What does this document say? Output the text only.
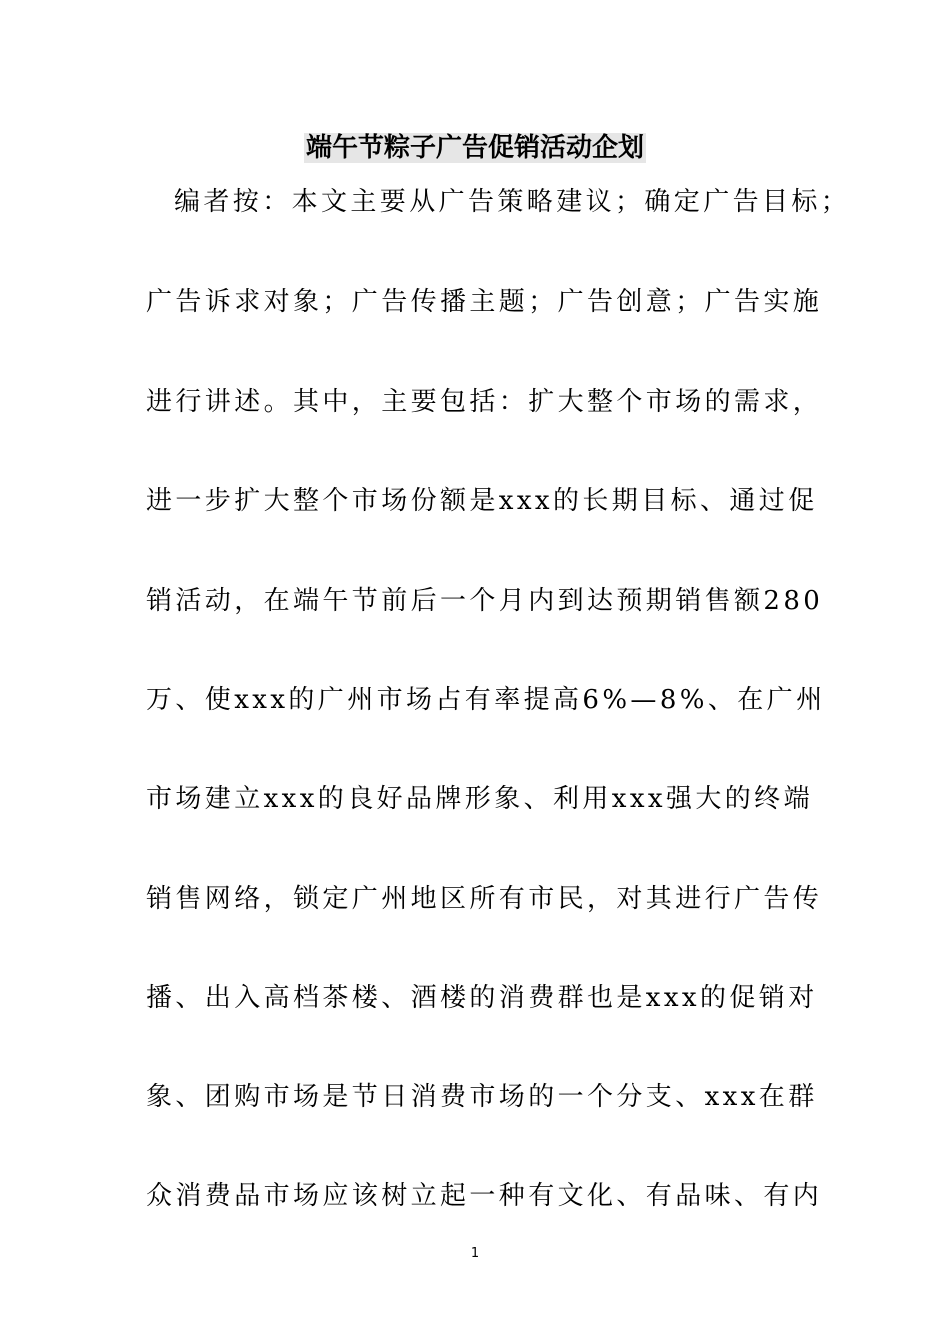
端午节粽子广告促销活动企划
编者按：本文主要从广告策略建议；确定广告目标；
广告诉求对象；广告传播主题；广告创意；广告实施
进行讲述。其中，主要包括：扩大整个市场的需求，
进一步扩大整个市场份额是xxx的长期目标、通过促
销活动，在端午节前后一个月内到达预期销售额280
万、使xxx的广州市场占有率提高6%—8%、在广州
市场建立xxx的良好品牌形象、利用xxx强大的终端
销售网络，锁定广州地区所有市民，对其进行广告传
播、出入高档茶楼、酒楼的消费群也是xxx的促销对
象、团购市场是节日消费市场的一个分支、xxx在群
众消费品市场应该树立起一种有文化、有品味、有内
1
